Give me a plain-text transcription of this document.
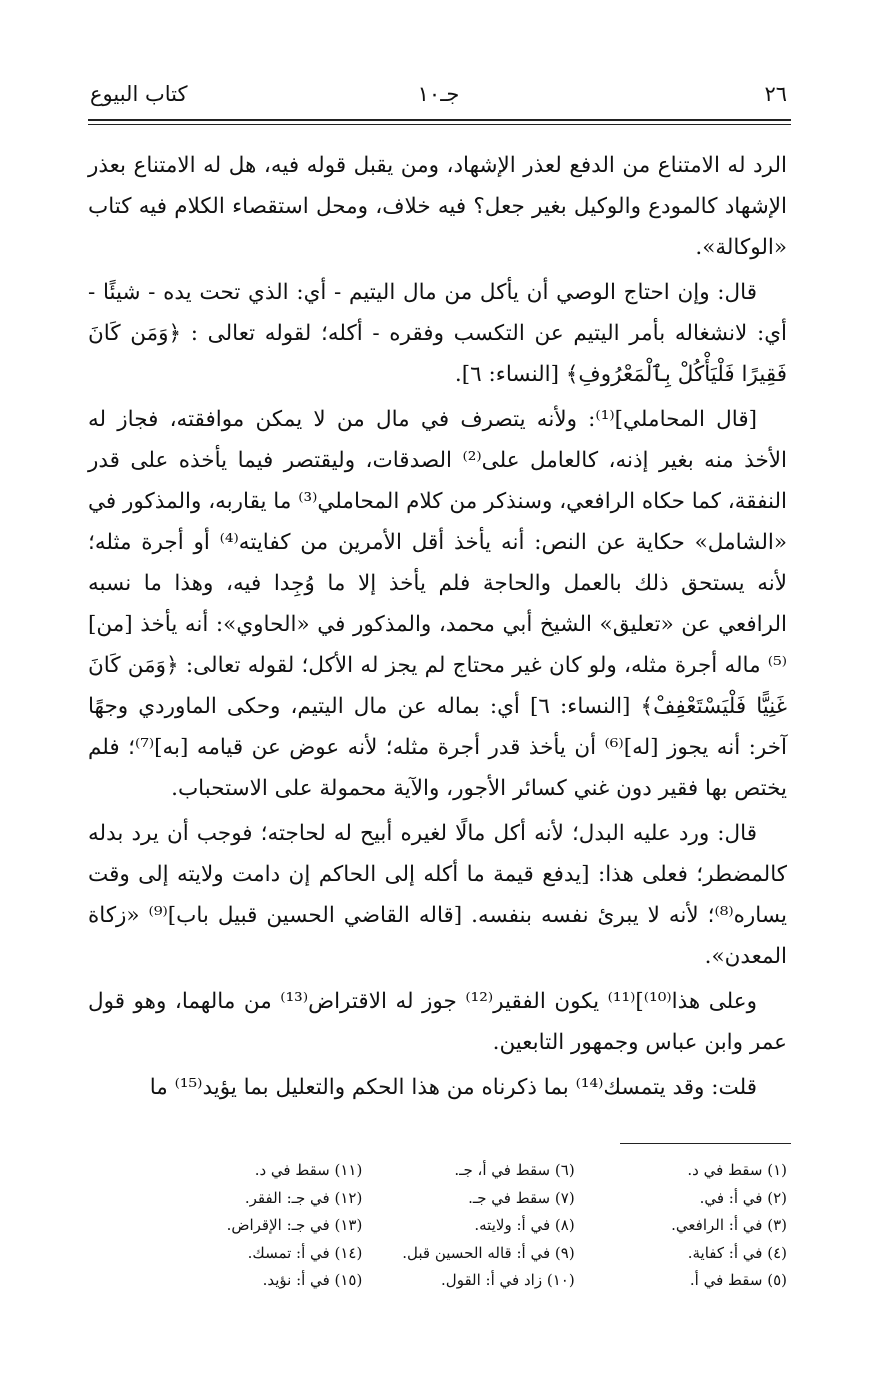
٢٦
جـ١٠
كتاب البيوع

الرد له الامتناع من الدفع لعذر الإشهاد، ومن يقبل قوله فيه، هل له الامتناع بعذر الإشهاد كالمودع والوكيل بغير جعل؟ فيه خلاف، ومحل استقصاء الكلام فيه كتاب «الوكالة».

قال: وإن احتاج الوصي أن يأكل من مال اليتيم - أي: الذي تحت يده - شيئًا - أي: لانشغاله بأمر اليتيم عن التكسب وفقره - أكله؛ لقوله تعالى : ﴿وَمَن كَانَ فَقِيرًا فَلْيَأْكُلْ بِٱلْمَعْرُوفِ﴾ [النساء: ٦].

[قال المحاملي]⁽¹⁾: ولأنه يتصرف في مال من لا يمكن موافقته، فجاز له الأخذ منه بغير إذنه، كالعامل على⁽²⁾ الصدقات، وليقتصر فيما يأخذه على قدر النفقة، كما حكاه الرافعي، وسنذكر من كلام المحاملي⁽³⁾ ما يقاربه، والمذكور في «الشامل» حكاية عن النص: أنه يأخذ أقل الأمرين من كفايته⁽⁴⁾ أو أجرة مثله؛ لأنه يستحق ذلك بالعمل والحاجة فلم يأخذ إلا ما وُجِدا فيه، وهذا ما نسبه الرافعي عن «تعليق» الشيخ أبي محمد، والمذكور في «الحاوي»: أنه يأخذ [من]⁽⁵⁾ ماله أجرة مثله، ولو كان غير محتاج لم يجز له الأكل؛ لقوله تعالى: ﴿وَمَن كَانَ غَنِيًّا فَلْيَسْتَعْفِفْ﴾ [النساء: ٦] أي: بماله عن مال اليتيم، وحكى الماوردي وجهًا آخر: أنه يجوز [له]⁽⁶⁾ أن يأخذ قدر أجرة مثله؛ لأنه عوض عن قيامه [به]⁽⁷⁾؛ فلم يختص بها فقير دون غني كسائر الأجور، والآية محمولة على الاستحباب.

قال: ورد عليه البدل؛ لأنه أكل مالًا لغيره أبيح له لحاجته؛ فوجب أن يرد بدله كالمضطر؛ فعلى هذا: [يدفع قيمة ما أكله إلى الحاكم إن دامت ولايته إلى وقت يساره⁽⁸⁾؛ لأنه لا يبرئ نفسه بنفسه. [قاله القاضي الحسين قبيل باب]⁽⁹⁾ «زكاة المعدن».

وعلى هذا⁽¹⁰⁾]⁽¹¹⁾ يكون الفقير⁽¹²⁾ جوز له الاقتراض⁽¹³⁾ من مالهما، وهو قول عمر وابن عباس وجمهور التابعين.

قلت: وقد يتمسك⁽¹⁴⁾ بما ذكرناه من هذا الحكم والتعليل بما يؤيد⁽¹⁵⁾ ما

(١) سقط في د.
(٢) في أ: في.
(٣) في أ: الرافعي.
(٤) في أ: كفاية.
(٥) سقط في أ.
(٦) سقط في أ، جـ.
(٧) سقط في جـ.
(٨) في أ: ولايته.
(٩) في أ: قاله الحسين قبل.
(١٠) زاد في أ: القول.
(١١) سقط في د.
(١٢) في جـ: الفقر.
(١٣) في جـ: الإقراض.
(١٤) في أ: تمسك.
(١٥) في أ: نؤيد.
